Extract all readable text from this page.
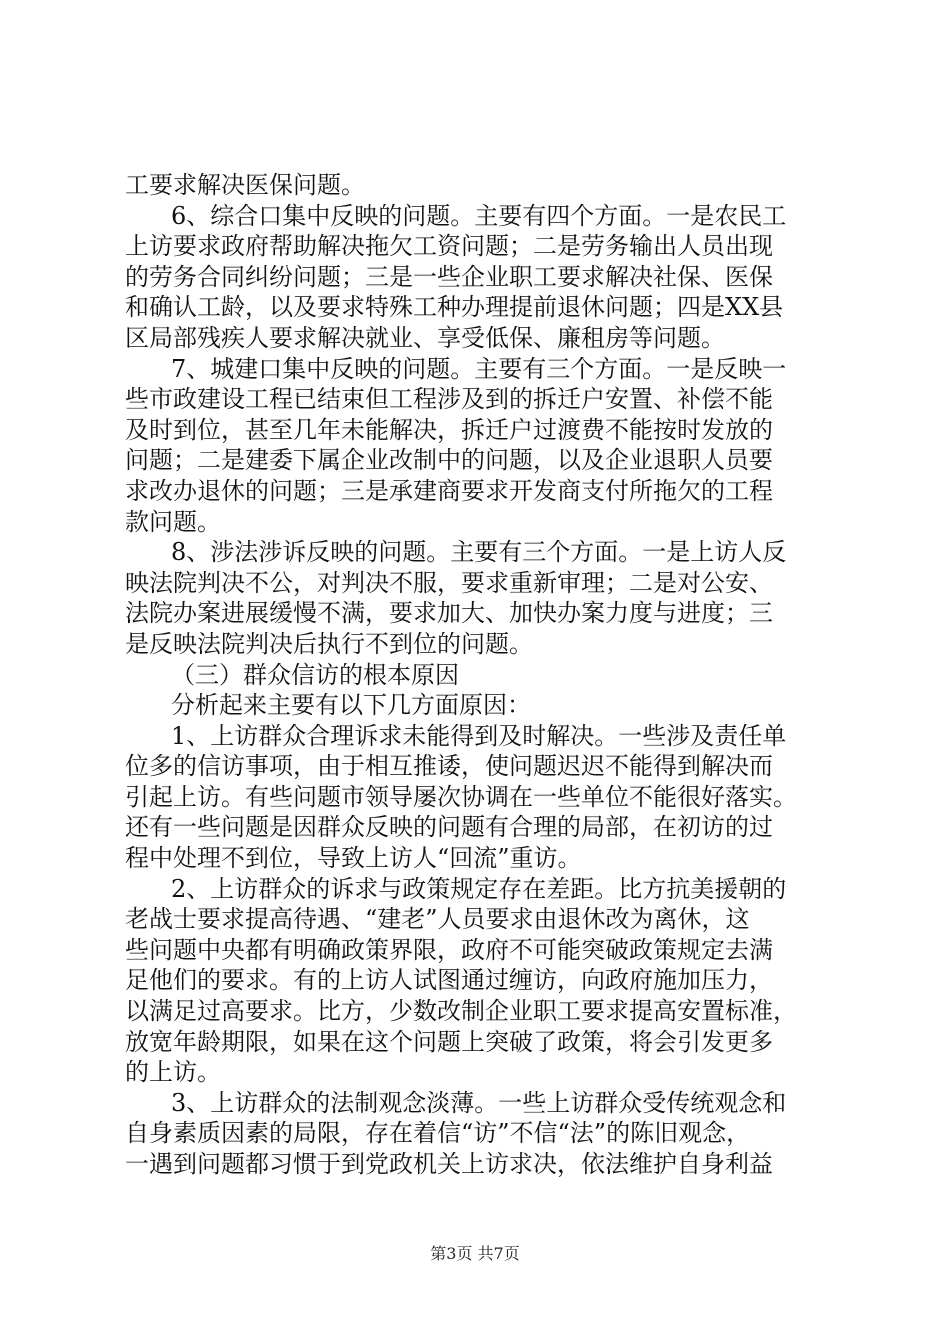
工要求解决医保问题。
6、综合口集中反映的问题。主要有四个方面。一是农民工
上访要求政府帮助解决拖欠工资问题；二是劳务输出人员出现
的劳务合同纠纷问题；三是一些企业职工要求解决社保、医保
和确认工龄，以及要求特殊工种办理提前退休问题；四是XX县
区局部残疾人要求解决就业、享受低保、廉租房等问题。
7、城建口集中反映的问题。主要有三个方面。一是反映一
些市政建设工程已结束但工程涉及到的拆迁户安置、补偿不能
及时到位，甚至几年未能解决，拆迁户过渡费不能按时发放的
问题；二是建委下属企业改制中的问题，以及企业退职人员要
求改办退休的问题；三是承建商要求开发商支付所拖欠的工程
款问题。
8、涉法涉诉反映的问题。主要有三个方面。一是上访人反
映法院判决不公，对判决不服，要求重新审理；二是对公安、
法院办案进展缓慢不满，要求加大、加快办案力度与进度；三
是反映法院判决后执行不到位的问题。
（三）群众信访的根本原因
分析起来主要有以下几方面原因：
1、上访群众合理诉求未能得到及时解决。一些涉及责任单
位多的信访事项，由于相互推诿，使问题迟迟不能得到解决而
引起上访。有些问题市领导屡次协调在一些单位不能很好落实。
还有一些问题是因群众反映的问题有合理的局部，在初访的过
程中处理不到位，导致上访人“回流”重访。
2、上访群众的诉求与政策规定存在差距。比方抗美援朝的
老战士要求提高待遇、“建老”人员要求由退休改为离休，这
些问题中央都有明确政策界限，政府不可能突破政策规定去满
足他们的要求。有的上访人试图通过缠访，向政府施加压力，
以满足过高要求。比方，少数改制企业职工要求提高安置标准，
放宽年龄期限，如果在这个问题上突破了政策，将会引发更多
的上访。
3、上访群众的法制观念淡薄。一些上访群众受传统观念和
自身素质因素的局限，存在着信“访”不信“法”的陈旧观念，
一遇到问题都习惯于到党政机关上访求决，依法维护自身利益
第3页 共7页
